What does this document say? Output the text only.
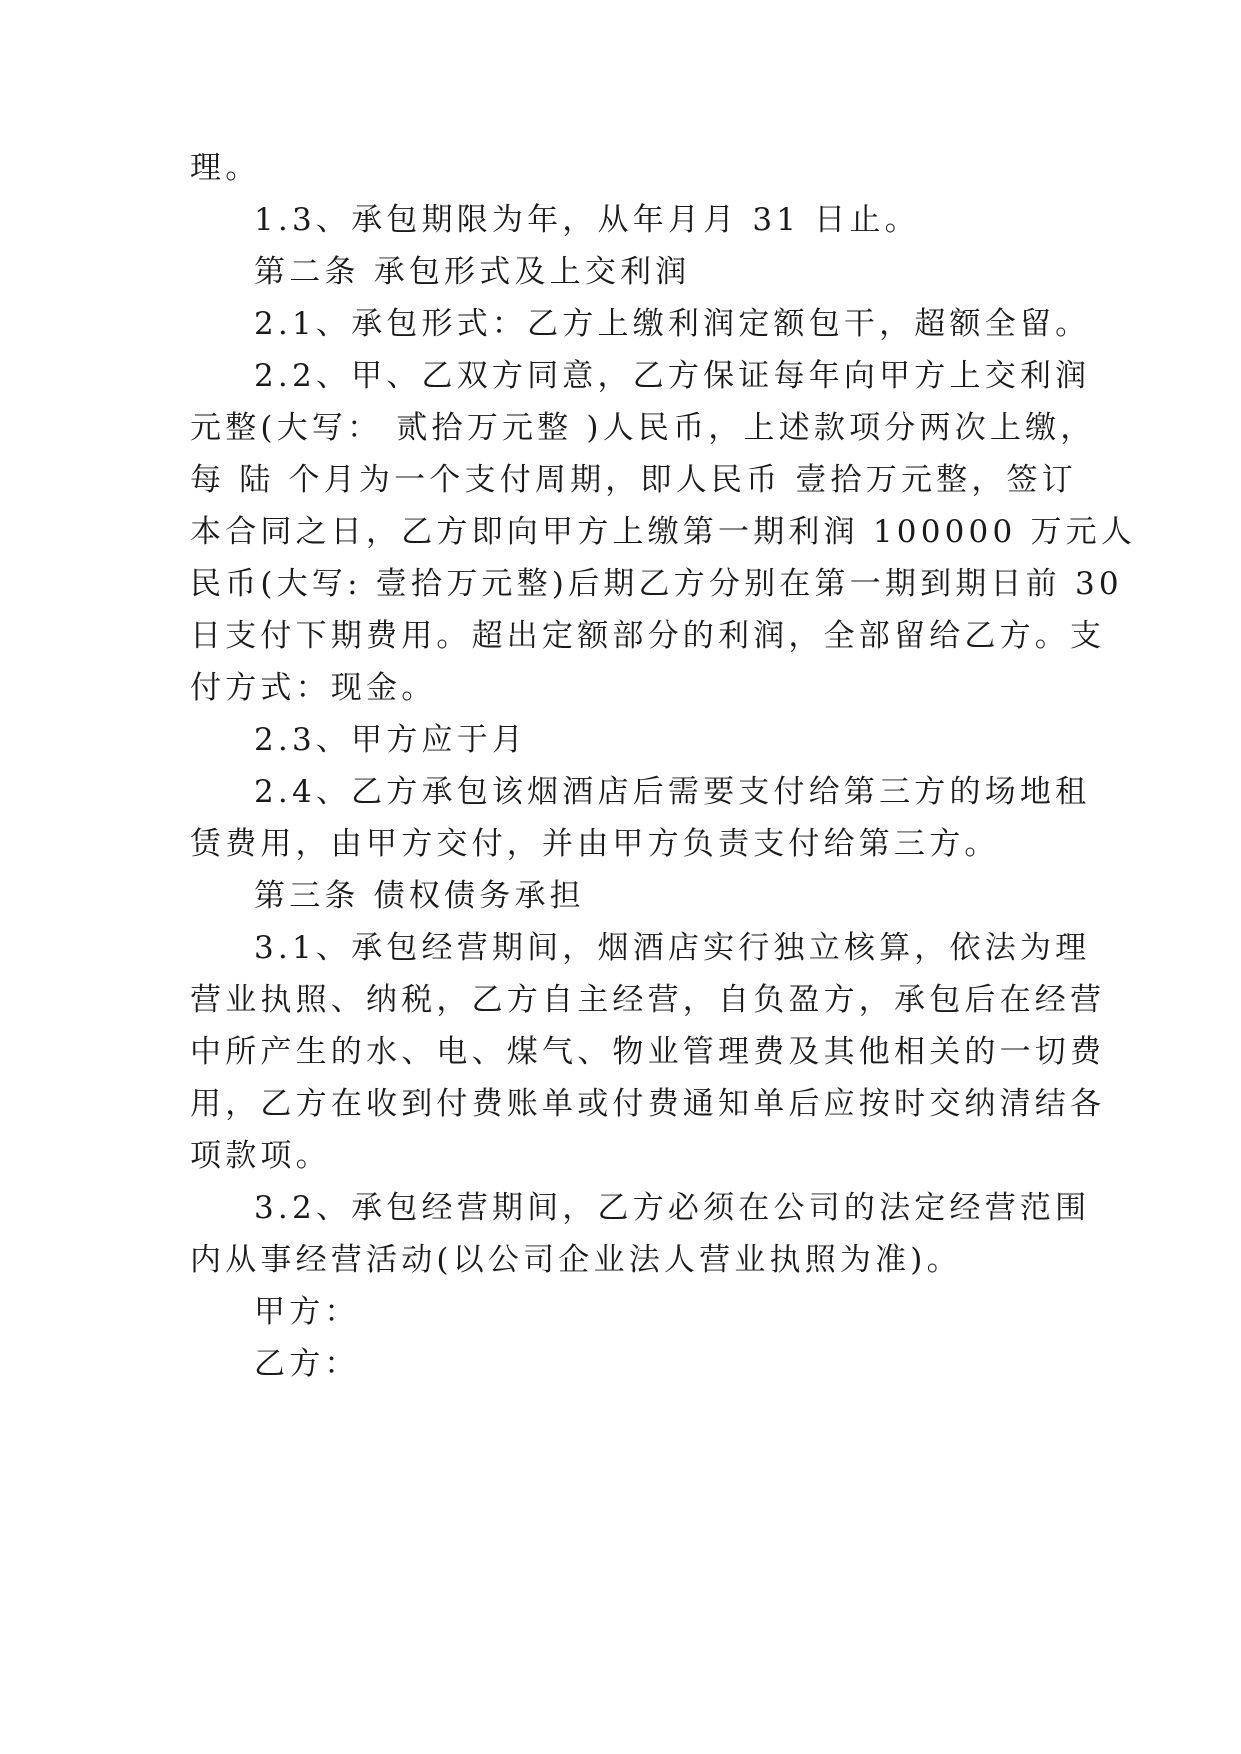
理。

1.3、承包期限为年，从年月月 31 日止。

第二条 承包形式及上交利润

2.1、承包形式：乙方上缴利润定额包干，超额全留。

2.2、甲、乙双方同意，乙方保证每年向甲方上交利润

元整(大写： 贰拾万元整 )人民币，上述款项分两次上缴，

每 陆 个月为一个支付周期，即人民币 壹拾万元整，签订

本合同之日，乙方即向甲方上缴第一期利润 100000 万元人

民币(大写: 壹拾万元整)后期乙方分别在第一期到期日前 30

日支付下期费用。超出定额部分的利润，全部留给乙方。支

付方式：现金。

2.3、甲方应于月

2.4、乙方承包该烟酒店后需要支付给第三方的场地租

赁费用，由甲方交付，并由甲方负责支付给第三方。

第三条 债权债务承担

3.1、承包经营期间，烟酒店实行独立核算，依法为理

营业执照、纳税，乙方自主经营，自负盈方，承包后在经营

中所产生的水、电、煤气、物业管理费及其他相关的一切费

用，乙方在收到付费账单或付费通知单后应按时交纳清结各

项款项。

3.2、承包经营期间，乙方必须在公司的法定经营范围

内从事经营活动(以公司企业法人营业执照为准)。

甲方：

乙方：
